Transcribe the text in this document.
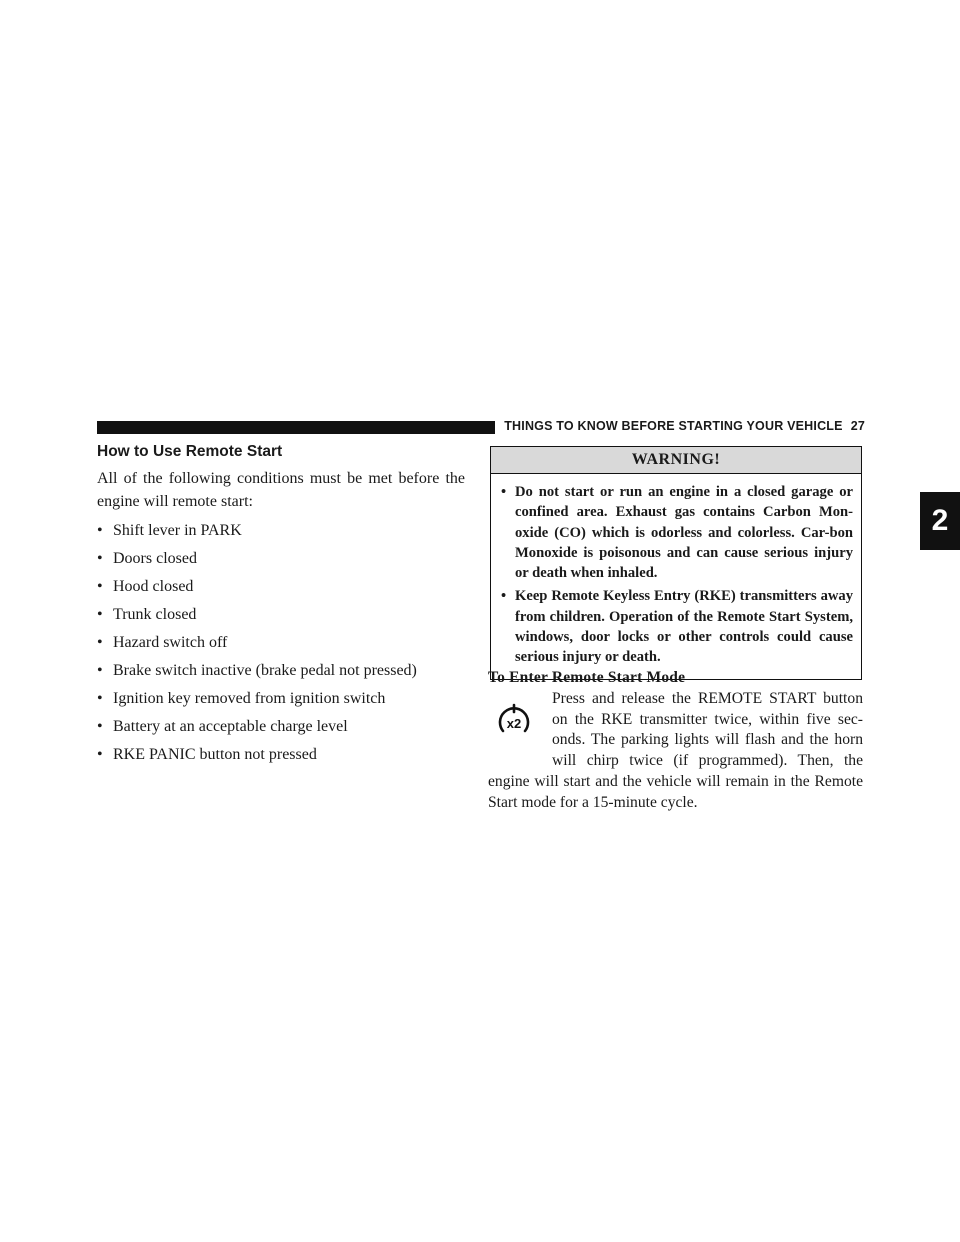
THINGS TO KNOW BEFORE STARTING YOUR VEHICLE 27
2
How to Use Remote Start

All of the following conditions must be met before the engine will remote start:

• Shift lever in PARK
• Doors closed
• Hood closed
• Trunk closed
• Hazard switch off
• Brake switch inactive (brake pedal not pressed)
• Ignition key removed from ignition switch
• Battery at an acceptable charge level
• RKE PANIC button not pressed
WARNING!
• Do not start or run an engine in a closed garage or confined area. Exhaust gas contains Carbon Mon-oxide (CO) which is odorless and colorless. Car-bon Monoxide is poisonous and can cause serious injury or death when inhaled.
• Keep Remote Keyless Entry (RKE) transmitters away from children. Operation of the Remote Start System, windows, door locks or other controls could cause serious injury or death.
To Enter Remote Start Mode
x2

Press and release the REMOTE START button on the RKE transmitter twice, within five sec-onds. The parking lights will flash and the horn will chirp twice (if programmed). Then, the engine will start and the vehicle will remain in the Remote Start mode for a 15-minute cycle.
